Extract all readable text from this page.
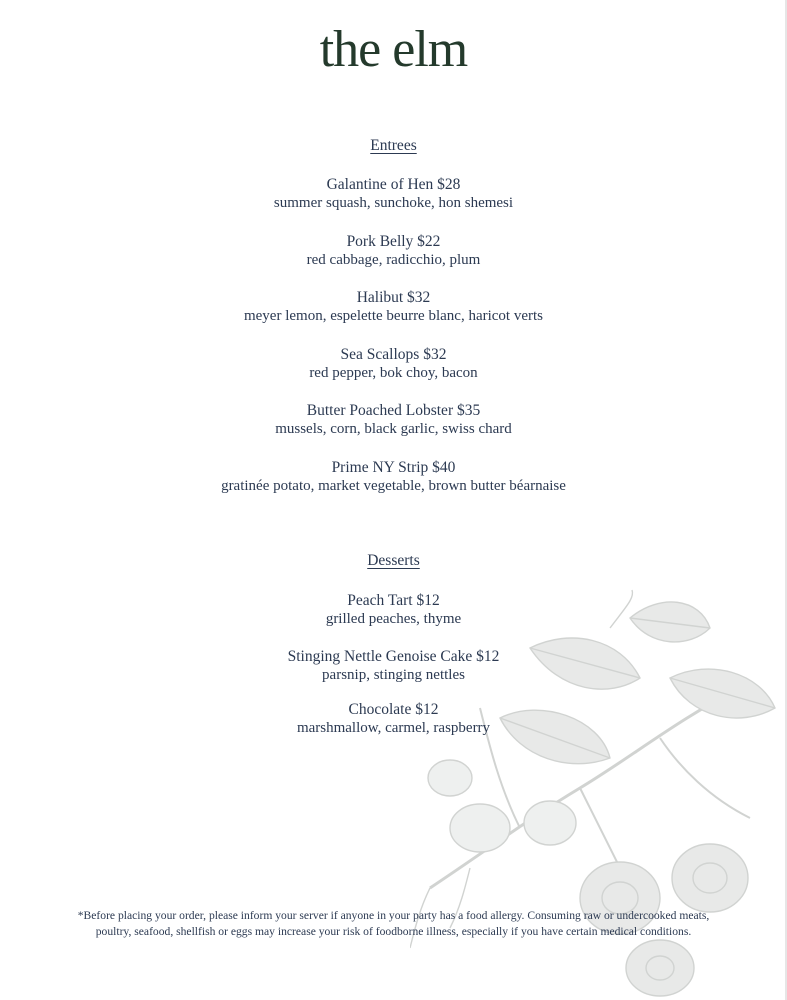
the elm
Entrees
Galantine of Hen $28
summer squash, sunchoke, hon shemesi
Pork Belly $22
red cabbage, radicchio, plum
Halibut $32
meyer lemon, espelette beurre blanc, haricot verts
Sea Scallops $32
red pepper, bok choy, bacon
Butter Poached Lobster $35
mussels, corn, black garlic, swiss chard
Prime NY Strip $40
gratinée potato, market vegetable, brown butter béarnaise
Desserts
Peach Tart $12
grilled peaches, thyme
Stinging Nettle Genoise Cake $12
parsnip, stinging nettles
Chocolate $12
marshmallow, carmel, raspberry
*Before placing your order, please inform your server if anyone in your party has a food allergy. Consuming raw or undercooked meats,
poultry, seafood, shellfish or eggs may increase your risk of foodborne illness, especially if you have certain medical conditions.
